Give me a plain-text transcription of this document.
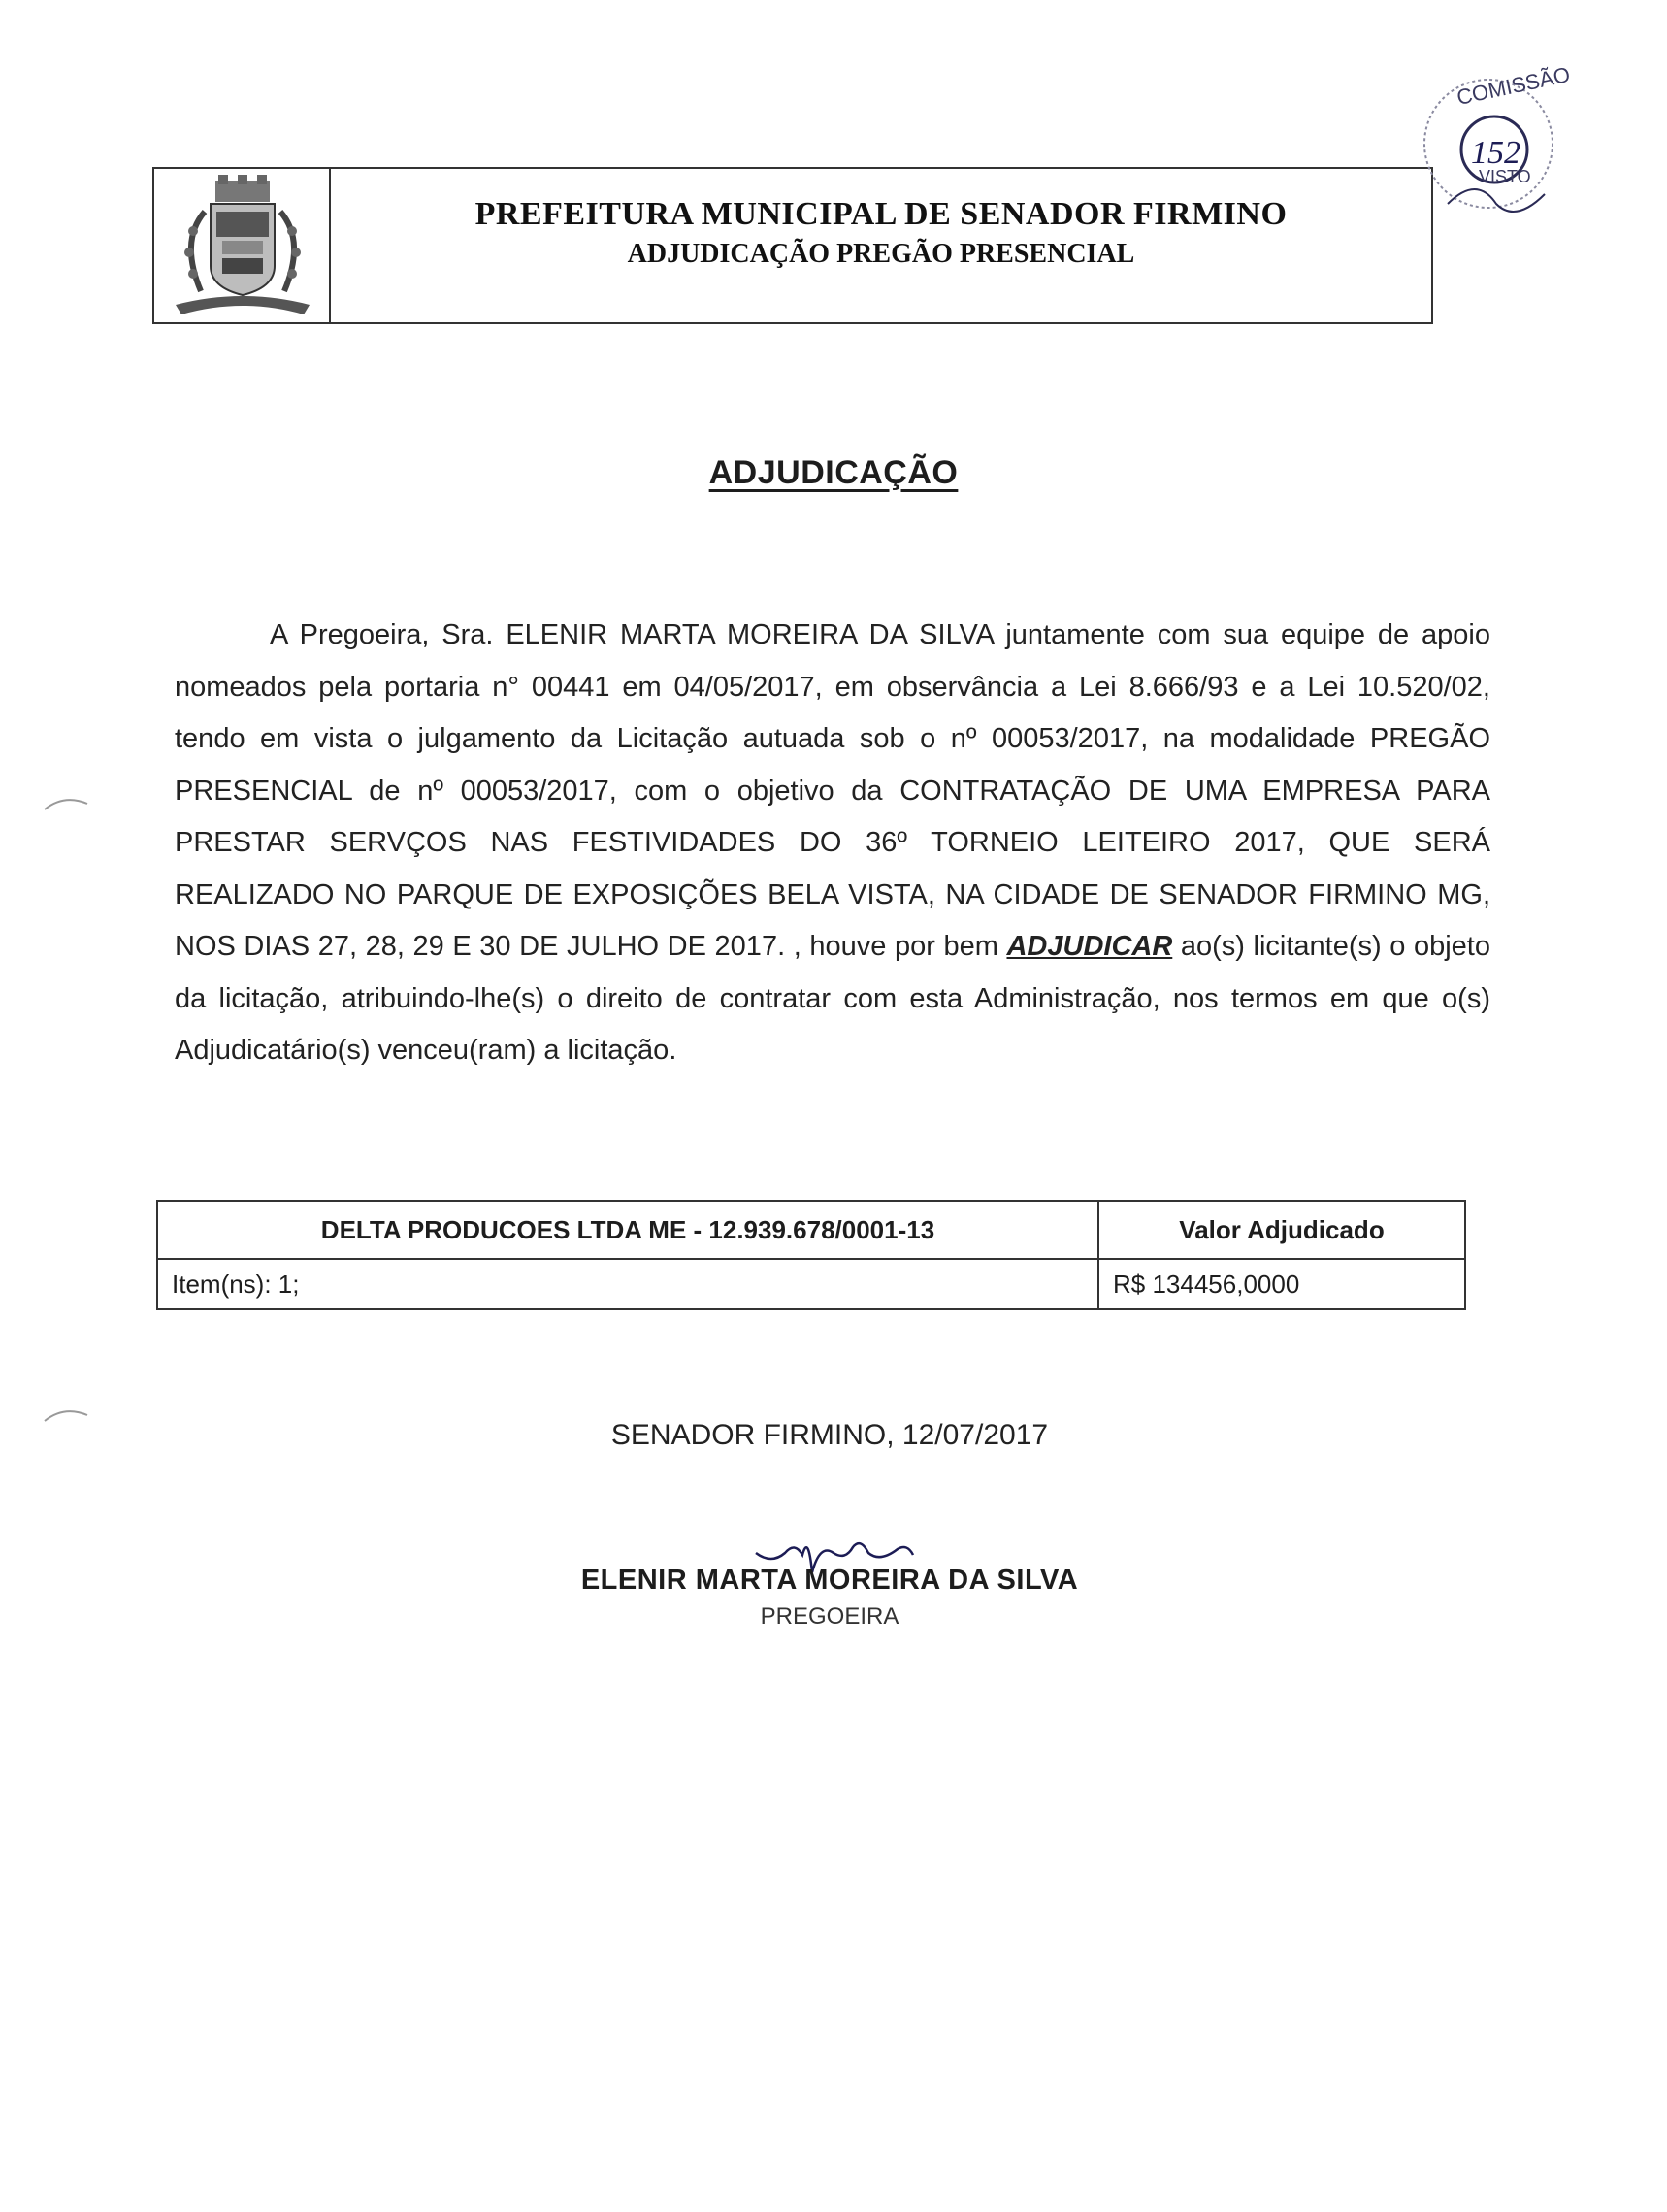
PREFEITURA MUNICIPAL DE SENADOR FIRMINO
ADJUDICAÇÃO PREGÃO PRESENCIAL
COMISSÃO
152
VISTO
ADJUDICAÇÃO
A Pregoeira, Sra. ELENIR MARTA MOREIRA DA SILVA juntamente com sua equipe de apoio nomeados pela portaria n° 00441 em 04/05/2017, em observância a Lei 8.666/93 e a Lei 10.520/02, tendo em vista o julgamento da Licitação autuada sob o nº 00053/2017, na modalidade PREGÃO PRESENCIAL de nº 00053/2017, com o objetivo da CONTRATAÇÃO DE UMA EMPRESA PARA PRESTAR SERVÇOS NAS FESTIVIDADES DO 36º TORNEIO LEITEIRO 2017, QUE SERÁ REALIZADO NO PARQUE DE EXPOSIÇÕES BELA VISTA, NA CIDADE DE SENADOR FIRMINO MG, NOS DIAS 27, 28, 29 E 30 DE JULHO DE 2017. , houve por bem ADJUDICAR ao(s) licitante(s) o objeto da licitação, atribuindo-lhe(s) o direito de contratar com esta Administração, nos termos em que o(s) Adjudicatário(s) venceu(ram) a licitação.
DELTA PRODUCOES LTDA ME - 12.939.678/0001-13	Valor Adjudicado
Item(ns): 1;	R$ 134456,0000
SENADOR FIRMINO, 12/07/2017
ELENIR MARTA MOREIRA DA SILVA
PREGOEIRA
